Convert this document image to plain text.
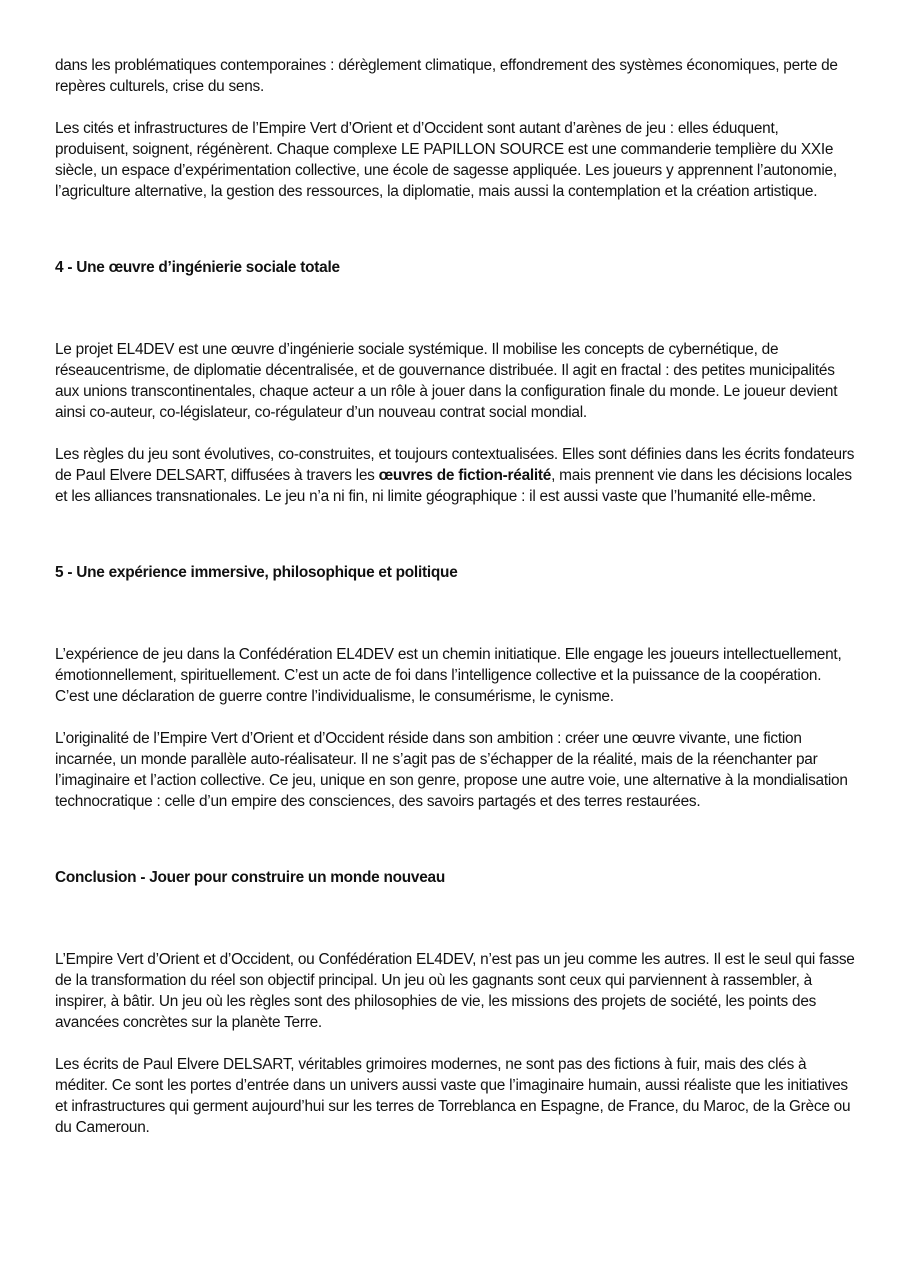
dans les problématiques contemporaines : dérèglement climatique, effondrement des systèmes économiques, perte de repères culturels, crise du sens.

Les cités et infrastructures de l’Empire Vert d’Orient et d’Occident sont autant d’arènes de jeu : elles éduquent, produisent, soignent, régénèrent. Chaque complexe LE PAPILLON SOURCE est une commanderie templière du XXIe siècle, un espace d’expérimentation collective, une école de sagesse appliquée. Les joueurs y apprennent l’autonomie, l’agriculture alternative, la gestion des ressources, la diplomatie, mais aussi la contemplation et la création artistique.

4 - Une œuvre d’ingénierie sociale totale

Le projet EL4DEV est une œuvre d’ingénierie sociale systémique. Il mobilise les concepts de cybernétique, de réseaucentrisme, de diplomatie décentralisée, et de gouvernance distribuée. Il agit en fractal : des petites municipalités aux unions transcontinentales, chaque acteur a un rôle à jouer dans la configuration finale du monde. Le joueur devient ainsi co-auteur, co-législateur, co-régulateur d’un nouveau contrat social mondial.

Les règles du jeu sont évolutives, co-construites, et toujours contextualisées. Elles sont définies dans les écrits fondateurs de Paul Elvere DELSART, diffusées à travers les œuvres de fiction-réalité, mais prennent vie dans les décisions locales et les alliances transnationales. Le jeu n’a ni fin, ni limite géographique : il est aussi vaste que l’humanité elle-même.

5 - Une expérience immersive, philosophique et politique

L’expérience de jeu dans la Confédération EL4DEV est un chemin initiatique. Elle engage les joueurs intellectuellement, émotionnellement, spirituellement. C’est un acte de foi dans l’intelligence collective et la puissance de la coopération. C’est une déclaration de guerre contre l’individualisme, le consumérisme, le cynisme.

L’originalité de l’Empire Vert d’Orient et d’Occident réside dans son ambition : créer une œuvre vivante, une fiction incarnée, un monde parallèle auto-réalisateur. Il ne s’agit pas de s’échapper de la réalité, mais de la réenchanter par l’imaginaire et l’action collective. Ce jeu, unique en son genre, propose une autre voie, une alternative à la mondialisation technocratique : celle d’un empire des consciences, des savoirs partagés et des terres restaurées.

Conclusion - Jouer pour construire un monde nouveau

L’Empire Vert d’Orient et d’Occident, ou Confédération EL4DEV, n’est pas un jeu comme les autres. Il est le seul qui fasse de la transformation du réel son objectif principal. Un jeu où les gagnants sont ceux qui parviennent à rassembler, à inspirer, à bâtir. Un jeu où les règles sont des philosophies de vie, les missions des projets de société, les points des avancées concrètes sur la planète Terre.

Les écrits de Paul Elvere DELSART, véritables grimoires modernes, ne sont pas des fictions à fuir, mais des clés à méditer. Ce sont les portes d’entrée dans un univers aussi vaste que l’imaginaire humain, aussi réaliste que les initiatives et infrastructures qui germent aujourd’hui sur les terres de Torreblanca en Espagne, de France, du Maroc, de la Grèce ou du Cameroun.
